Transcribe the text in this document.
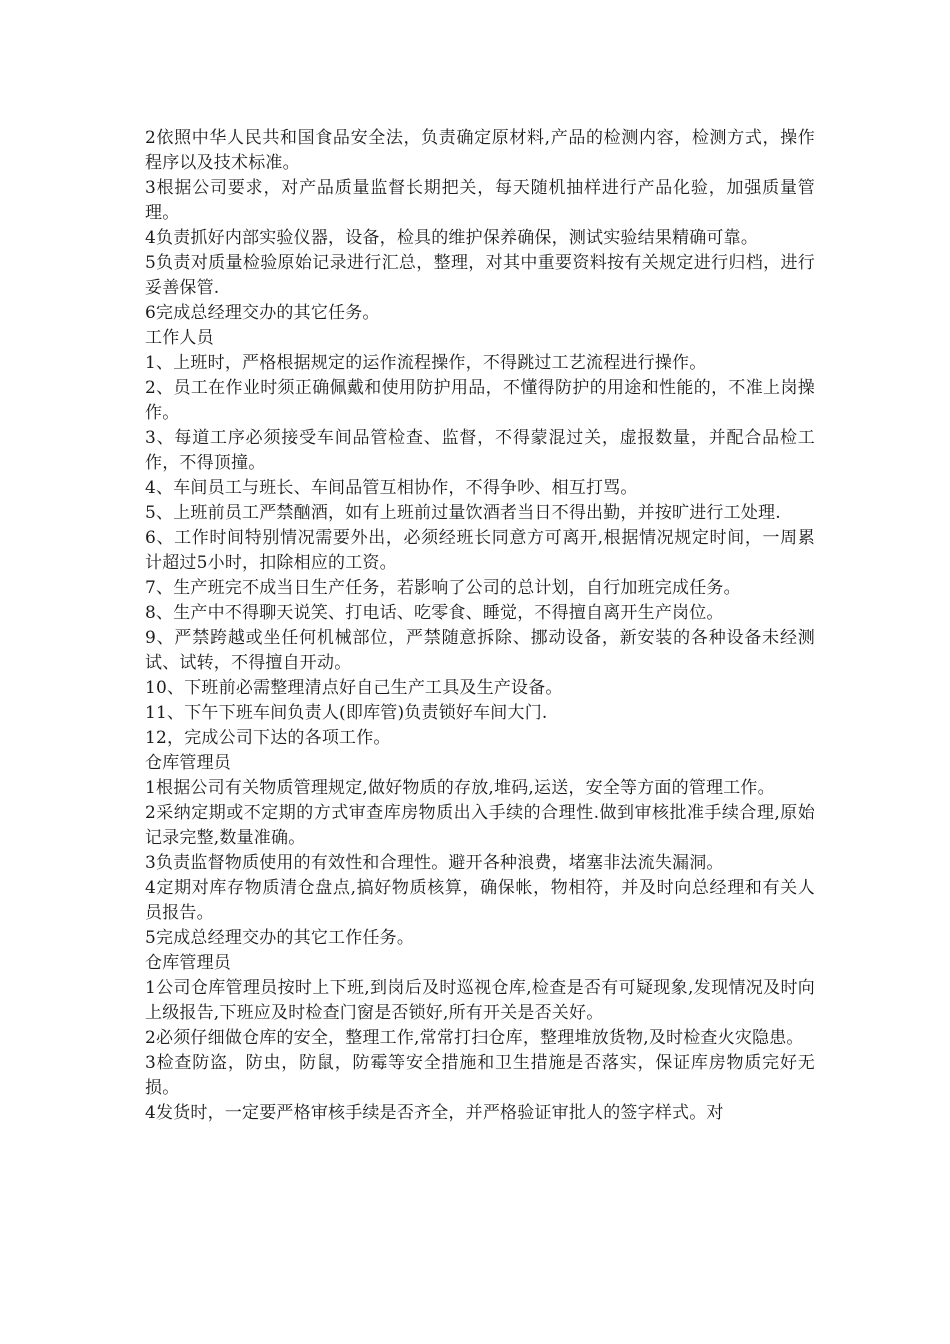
2依照中华人民共和国食品安全法，负责确定原材料,产品的检测内容，检测方式，操作程序以及技术标准。

3根据公司要求，对产品质量监督长期把关，每天随机抽样进行产品化验，加强质量管理。

4负责抓好内部实验仪器，设备，检具的维护保养确保，测试实验结果精确可靠。

5负责对质量检验原始记录进行汇总，整理，对其中重要资料按有关规定进行归档，进行妥善保管.

6完成总经理交办的其它任务。

工作人员

1、上班时，严格根据规定的运作流程操作，不得跳过工艺流程进行操作。

2、员工在作业时须正确佩戴和使用防护用品，不懂得防护的用途和性能的，不准上岗操作。

3、每道工序必须接受车间品管检查、监督，不得蒙混过关，虚报数量，并配合品检工作，不得顶撞。

4、车间员工与班长、车间品管互相协作，不得争吵、相互打骂。

5、上班前员工严禁酗酒，如有上班前过量饮酒者当日不得出勤，并按旷进行工处理.

6、工作时间特别情况需要外出，必须经班长同意方可离开,根据情况规定时间，一周累计超过5小时，扣除相应的工资。

7、生产班完不成当日生产任务，若影响了公司的总计划，自行加班完成任务。

8、生产中不得聊天说笑、打电话、吃零食、睡觉，不得擅自离开生产岗位。

9、严禁跨越或坐任何机械部位，严禁随意拆除、挪动设备，新安装的各种设备未经测试、试转，不得擅自开动。

10、下班前必需整理清点好自己生产工具及生产设备。

11、下午下班车间负责人(即库管)负责锁好车间大门.

12，完成公司下达的各项工作。

仓库管理员

1根据公司有关物质管理规定,做好物质的存放,堆码,运送，安全等方面的管理工作。

2采纳定期或不定期的方式审查库房物质出入手续的合理性.做到审核批准手续合理,原始记录完整,数量准确。

3负责监督物质使用的有效性和合理性。避开各种浪费，堵塞非法流失漏洞。

4定期对库存物质清仓盘点,搞好物质核算，确保帐，物相符，并及时向总经理和有关人员报告。

5完成总经理交办的其它工作任务。

仓库管理员

1公司仓库管理员按时上下班,到岗后及时巡视仓库,检查是否有可疑现象,发现情况及时向上级报告,下班应及时检查门窗是否锁好,所有开关是否关好。

2必须仔细做仓库的安全，整理工作,常常打扫仓库，整理堆放货物,及时检查火灾隐患。

3检查防盗，防虫，防鼠，防霉等安全措施和卫生措施是否落实，保证库房物质完好无损。

4发货时，一定要严格审核手续是否齐全，并严格验证审批人的签字样式。对
